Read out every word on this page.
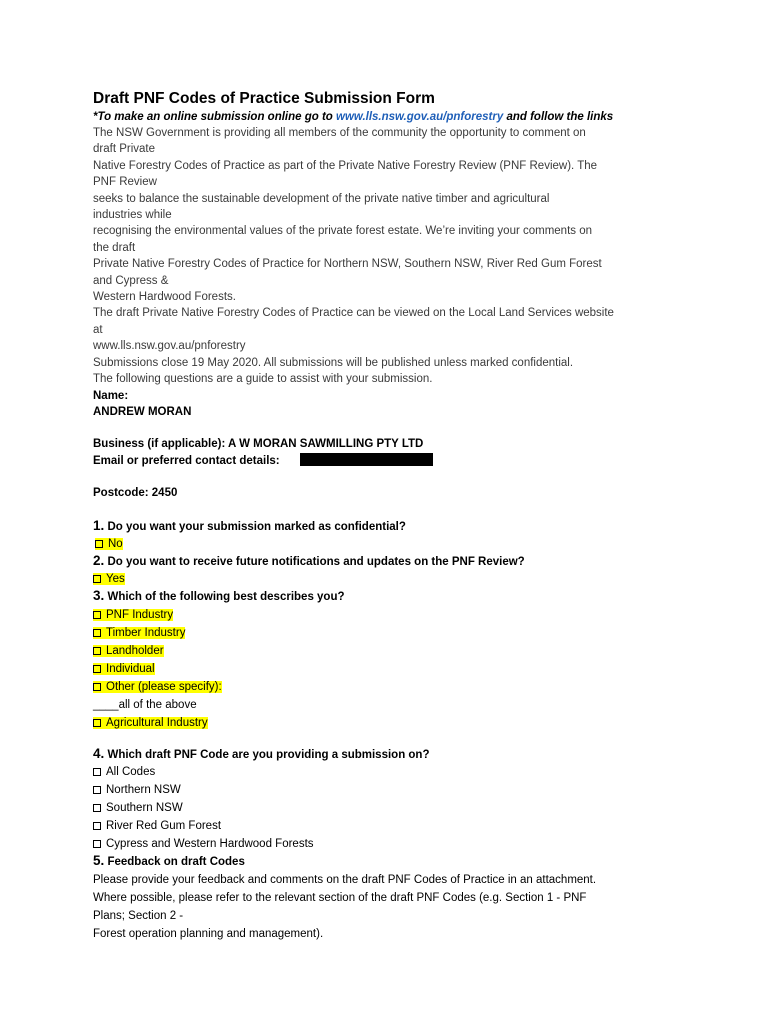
Draft PNF Codes of Practice Submission Form
*To make an online submission online go to www.lls.nsw.gov.au/pnforestry and follow the links
The NSW Government is providing all members of the community the opportunity to comment on
draft Private
Native Forestry Codes of Practice as part of the Private Native Forestry Review (PNF Review). The
PNF Review
seeks to balance the sustainable development of the private native timber and agricultural
industries while
recognising the environmental values of the private forest estate. We’re inviting your comments on
the draft
Private Native Forestry Codes of Practice for Northern NSW, Southern NSW, River Red Gum Forest
and Cypress &
Western Hardwood Forests.
The draft Private Native Forestry Codes of Practice can be viewed on the Local Land Services website
at
www.lls.nsw.gov.au/pnforestry
Submissions close 19 May 2020. All submissions will be published unless marked confidential.
The following questions are a guide to assist with your submission.
Name:
ANDREW MORAN
Business (if applicable): A W MORAN SAWMILLING PTY LTD
Email or preferred contact details:
Postcode: 2450
1. Do you want your submission marked as confidential?
No
2. Do you want to receive future notifications and updates on the PNF Review?
Yes
3. Which of the following best describes you?
PNF Industry
Timber Industry
Landholder
Individual
Other (please specify):
____all of the above
Agricultural Industry
4. Which draft PNF Code are you providing a submission on?
All Codes
Northern NSW
Southern NSW
River Red Gum Forest
Cypress and Western Hardwood Forests
5. Feedback on draft Codes
Please provide your feedback and comments on the draft PNF Codes of Practice in an attachment.
Where possible, please refer to the relevant section of the draft PNF Codes (e.g. Section 1 - PNF
Plans; Section 2 -
Forest operation planning and management).
